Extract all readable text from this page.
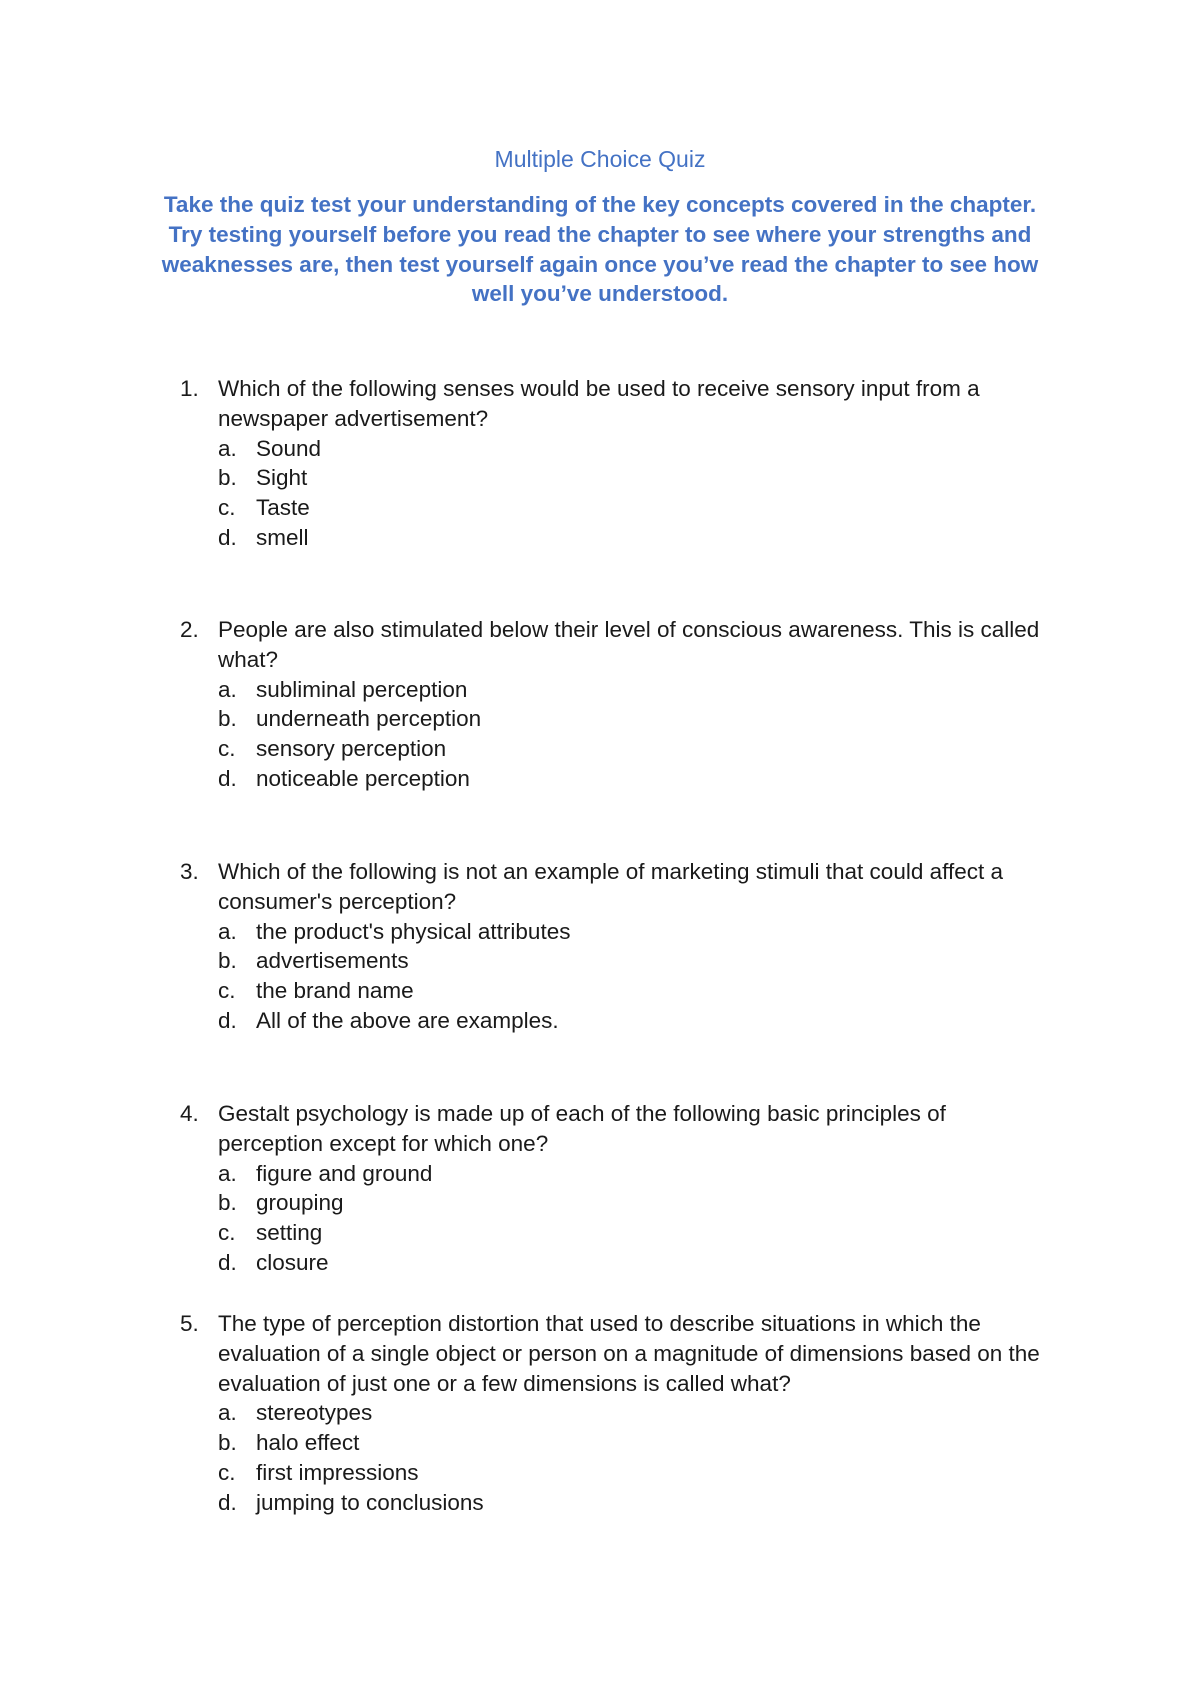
Multiple Choice Quiz

Take the quiz test your understanding of the key concepts covered in the chapter. Try testing yourself before you read the chapter to see where your strengths and weaknesses are, then test yourself again once you’ve read the chapter to see how well you’ve understood.

1. Which of the following senses would be used to receive sensory input from a newspaper advertisement?
a. Sound
b. Sight
c. Taste
d. smell
2. People are also stimulated below their level of conscious awareness. This is called what?
a. subliminal perception
b. underneath perception
c. sensory perception
d. noticeable perception
3. Which of the following is not an example of marketing stimuli that could affect a consumer's perception?
a. the product's physical attributes
b. advertisements
c. the brand name
d. All of the above are examples.
4. Gestalt psychology is made up of each of the following basic principles of perception except for which one?
a. figure and ground
b. grouping
c. setting
d. closure
5. The type of perception distortion that used to describe situations in which the evaluation of a single object or person on a magnitude of dimensions based on the evaluation of just one or a few dimensions is called what?
a. stereotypes
b. halo effect
c. first impressions
d. jumping to conclusions
